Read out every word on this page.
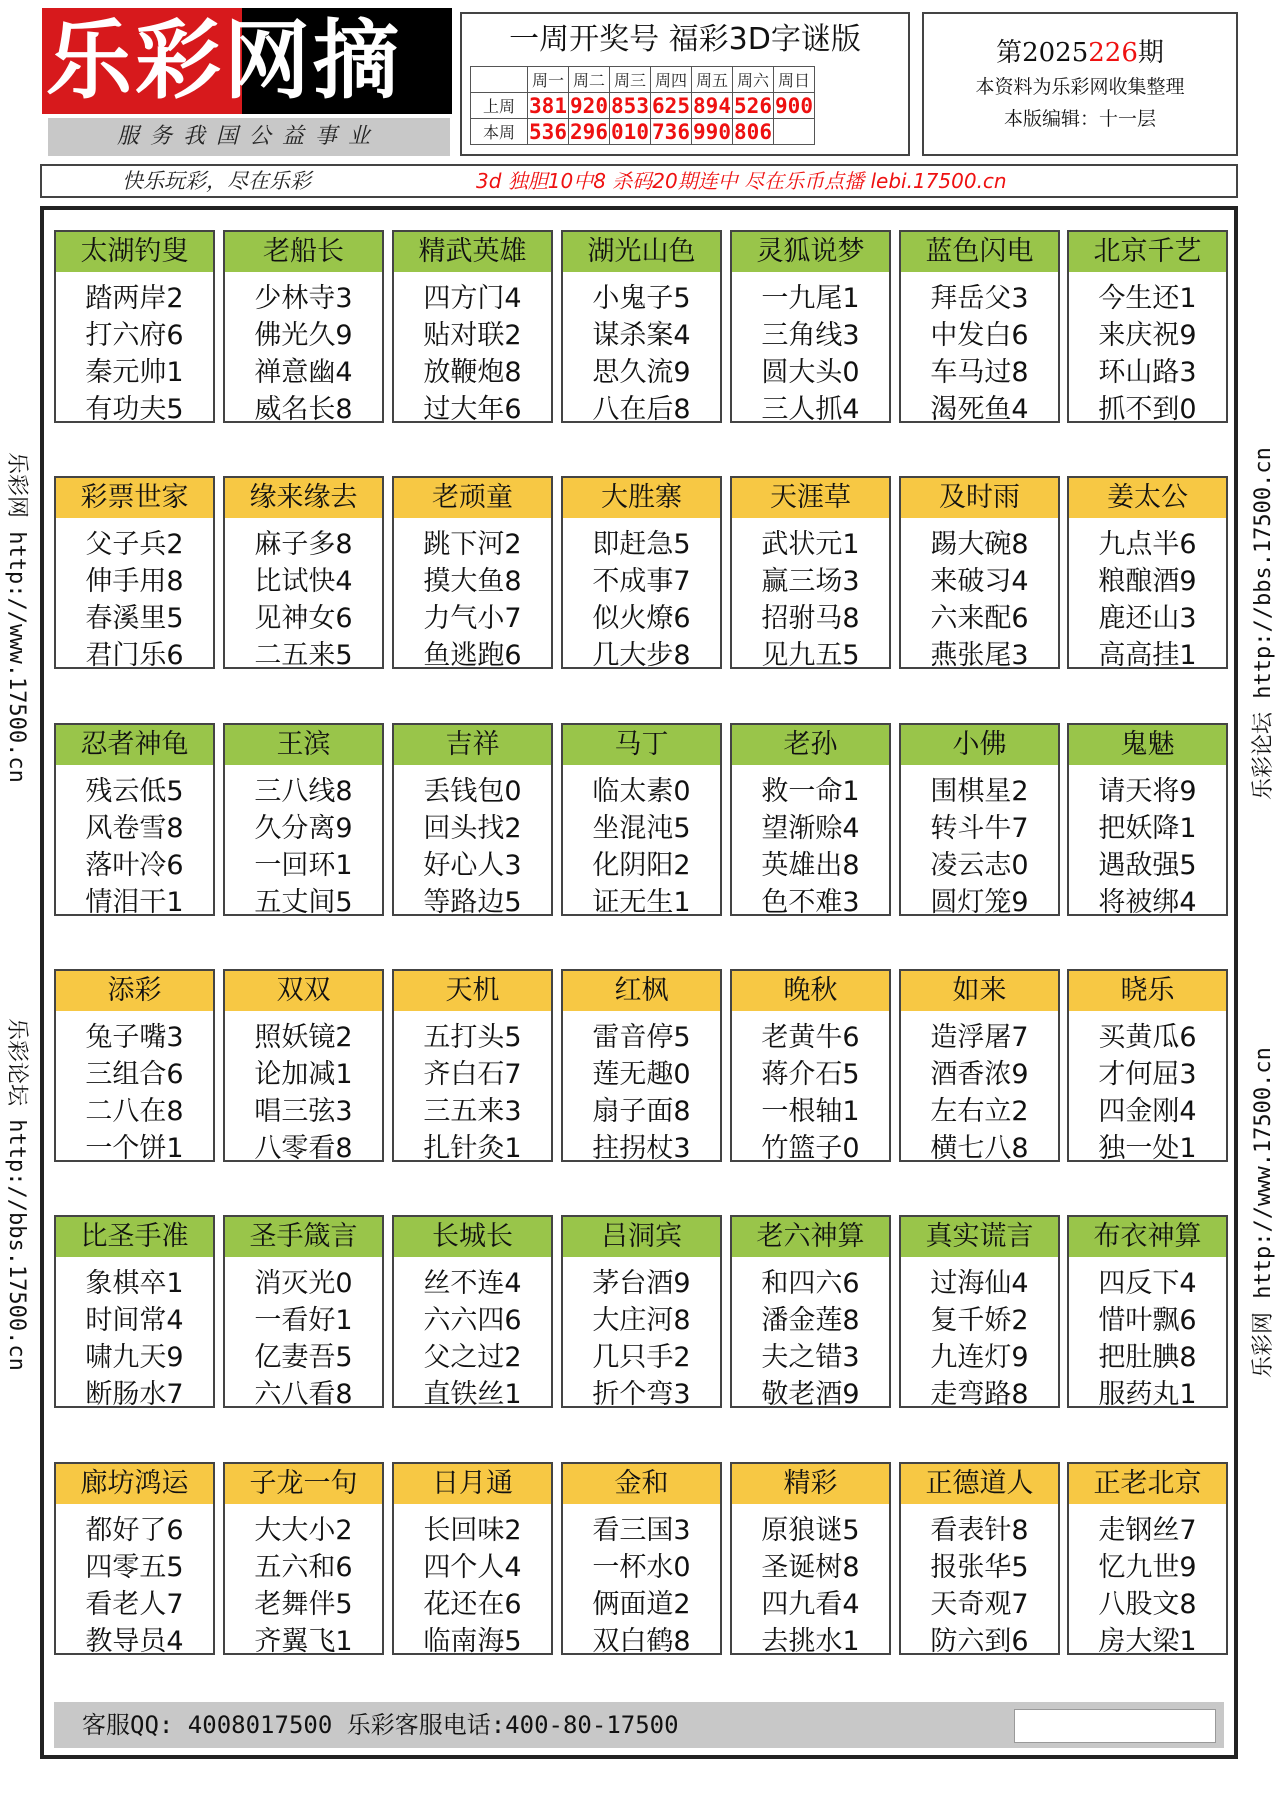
乐彩网摘
服务我国公益事业
一周开奖号 福彩3D字谜版
	周一	周二	周三	周四	周五	周六	周日
上周	381	920	853	625	894	526	900
本周	536	296	010	736	990	806	
第2025226期
本资料为乐彩网收集整理
本版编辑：十一层
快乐玩彩，尽在乐彩	3d 独胆10中8 杀码20期连中 尽在乐币点播 lebi.17500.cn
乐彩网 http://www.17500.cn
乐彩论坛 http://bbs.17500.cn
乐彩论坛 http://bbs.17500.cn
乐彩网 http://www.17500.cn
太湖钓叟
踏两岸2
打六府6
秦元帅1
有功夫5
老船长
少林寺3
佛光久9
禅意幽4
威名长8
精武英雄
四方门4
贴对联2
放鞭炮8
过大年6
湖光山色
小鬼子5
谋杀案4
思久流9
八在后8
灵狐说梦
一九尾1
三角线3
圆大头0
三人抓4
蓝色闪电
拜岳父3
中发白6
车马过8
渴死鱼4
北京千艺
今生还1
来庆祝9
环山路3
抓不到0
彩票世家
父子兵2
伸手用8
春溪里5
君门乐6
缘来缘去
麻子多8
比试快4
见神女6
二五来5
老顽童
跳下河2
摸大鱼8
力气小7
鱼逃跑6
大胜寨
即赶急5
不成事7
似火燎6
几大步8
天涯草
武状元1
赢三场3
招驸马8
见九五5
及时雨
踢大碗8
来破习4
六来配6
燕张尾3
姜太公
九点半6
粮酿酒9
鹿还山3
高高挂1
忍者神龟
残云低5
风卷雪8
落叶冷6
情泪干1
王滨
三八线8
久分离9
一回环1
五丈间5
吉祥
丢钱包0
回头找2
好心人3
等路边5
马丁
临太素0
坐混沌5
化阴阳2
证无生1
老孙
救一命1
望渐赊4
英雄出8
色不难3
小佛
围棋星2
转斗牛7
凌云志0
圆灯笼9
鬼魅
请天将9
把妖降1
遇敌强5
将被绑4
添彩
兔子嘴3
三组合6
二八在8
一个饼1
双双
照妖镜2
论加减1
唱三弦3
八零看8
天机
五打头5
齐白石7
三五来3
扎针灸1
红枫
雷音停5
莲无趣0
扇子面8
拄拐杖3
晚秋
老黄牛6
蒋介石5
一根轴1
竹篮子0
如来
造浮屠7
酒香浓9
左右立2
横七八8
晓乐
买黄瓜6
才何屈3
四金刚4
独一处1
比圣手准
象棋卒1
时间常4
啸九天9
断肠水7
圣手箴言
消灭光0
一看好1
亿妻吾5
六八看8
长城长
丝不连4
六六四6
父之过2
直铁丝1
吕洞宾
茅台酒9
大庄河8
几只手2
折个弯3
老六神算
和四六6
潘金莲8
夫之错3
敬老酒9
真实谎言
过海仙4
复千娇2
九连灯9
走弯路8
布衣神算
四反下4
惜叶飘6
把肚腆8
服药丸1
廊坊鸿运
都好了6
四零五5
看老人7
教导员4
子龙一句
大大小2
五六和6
老舞伴5
齐翼飞1
日月通
长回味2
四个人4
花还在6
临南海5
金和
看三国3
一杯水0
俩面道2
双白鹤8
精彩
原狼谜5
圣诞树8
四九看4
去挑水1
正德道人
看表针8
报张华5
天奇观7
防六到6
正老北京
走钢丝7
忆九世9
八股文8
房大梁1
客服QQ: 4008017500 乐彩客服电话:400-80-17500
